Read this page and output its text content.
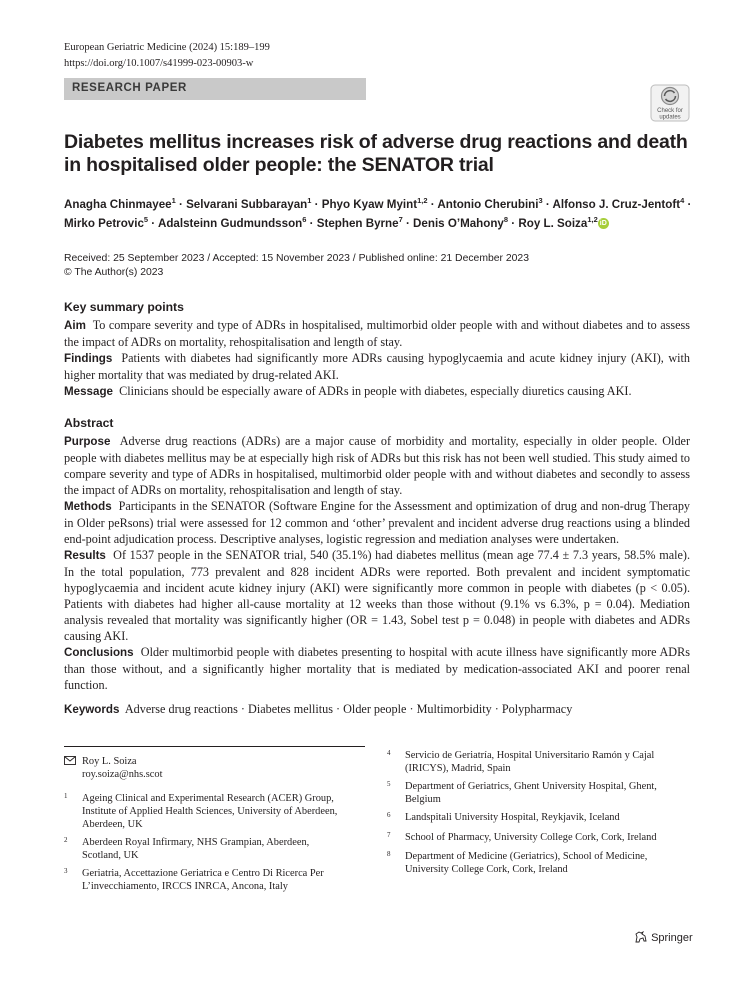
European Geriatric Medicine (2024) 15:189–199
https://doi.org/10.1007/s41999-023-00903-w
RESEARCH PAPER
Check for
updates
Diabetes mellitus increases risk of adverse drug reactions and death
in hospitalised older people: the SENATOR trial
Anagha Chinmayee$^1$ · Selvarani Subbarayan$^1$ · Phyo Kyaw Myint$^{1,2}$ · Antonio Cherubini$^3$ · Alfonso J. Cruz‑Jentoft$^4$ ·
Mirko Petrovic$^5$ · Adalsteinn Gudmundsson$^6$ · Stephen Byrne$^7$ · Denis O’Mahony$^8$ · Roy L. Soiza$^{1,2}$ iD
Received: 25 September 2023 / Accepted: 15 November 2023 / Published online: 21 December 2023
© The Author(s) 2023
Key summary points
Aim To compare severity and type of ADRs in hospitalised, multimorbid older people with and without diabetes and to assess the impact of ADRs on mortality, rehospitalisation and length of stay.
Findings Patients with diabetes had significantly more ADRs causing hypoglycaemia and acute kidney injury (AKI), with higher mortality that was mediated by drug-related AKI.
Message Clinicians should be especially aware of ADRs in people with diabetes, especially diuretics causing AKI.
Abstract
Purpose Adverse drug reactions (ADRs) are a major cause of morbidity and mortality, especially in older people. Older people with diabetes mellitus may be at especially high risk of ADRs but this risk has not been well studied. This study aimed to compare severity and type of ADRs in hospitalised, multimorbid older people with and without diabetes and secondly to assess the impact of ADRs on mortality, rehospitalisation and length of stay.
Methods Participants in the SENATOR (Software Engine for the Assessment and optimization of drug and non-drug Therapy in Older peRsons) trial were assessed for 12 common and ‘other’ prevalent and incident adverse drug reactions using a blinded end-point adjudication process. Descriptive analyses, logistic regression and mediation analyses were undertaken.
Results Of 1537 people in the SENATOR trial, 540 (35.1%) had diabetes mellitus (mean age 77.4 ± 7.3 years, 58.5% male). In the total population, 773 prevalent and 828 incident ADRs were reported. Both prevalent and incident symptomatic hypoglycaemia and incident acute kidney injury (AKI) were significantly more common in people with diabetes (p < 0.05). Patients with diabetes had higher all-cause mortality at 12 weeks than those without (9.1% vs 6.3%, p = 0.04). Mediation analysis revealed that mortality was significantly higher (OR = 1.43, Sobel test p = 0.048) in people with diabetes and ADRs causing AKI.
Conclusions Older multimorbid people with diabetes presenting to hospital with acute illness have significantly more ADRs than those without, and a significantly higher mortality that is mediated by medication-associated AKI and poorer renal function.
Keywords Adverse drug reactions · Diabetes mellitus · Older people · Multimorbidity · Polypharmacy
Roy L. Soiza
roy.soiza@nhs.scot
1 Ageing Clinical and Experimental Research (ACER) Group, Institute of Applied Health Sciences, University of Aberdeen, Aberdeen, UK
2 Aberdeen Royal Infirmary, NHS Grampian, Aberdeen, Scotland, UK
3 Geriatria, Accettazione Geriatrica e Centro Di Ricerca Per L’invecchiamento, IRCCS INRCA, Ancona, Italy
4 Servicio de Geriatría, Hospital Universitario Ramón y Cajal (IRICYS), Madrid, Spain
5 Department of Geriatrics, Ghent University Hospital, Ghent, Belgium
6 Landspitali University Hospital, Reykjavik, Iceland
7 School of Pharmacy, University College Cork, Cork, Ireland
8 Department of Medicine (Geriatrics), School of Medicine, University College Cork, Cork, Ireland
Springer
